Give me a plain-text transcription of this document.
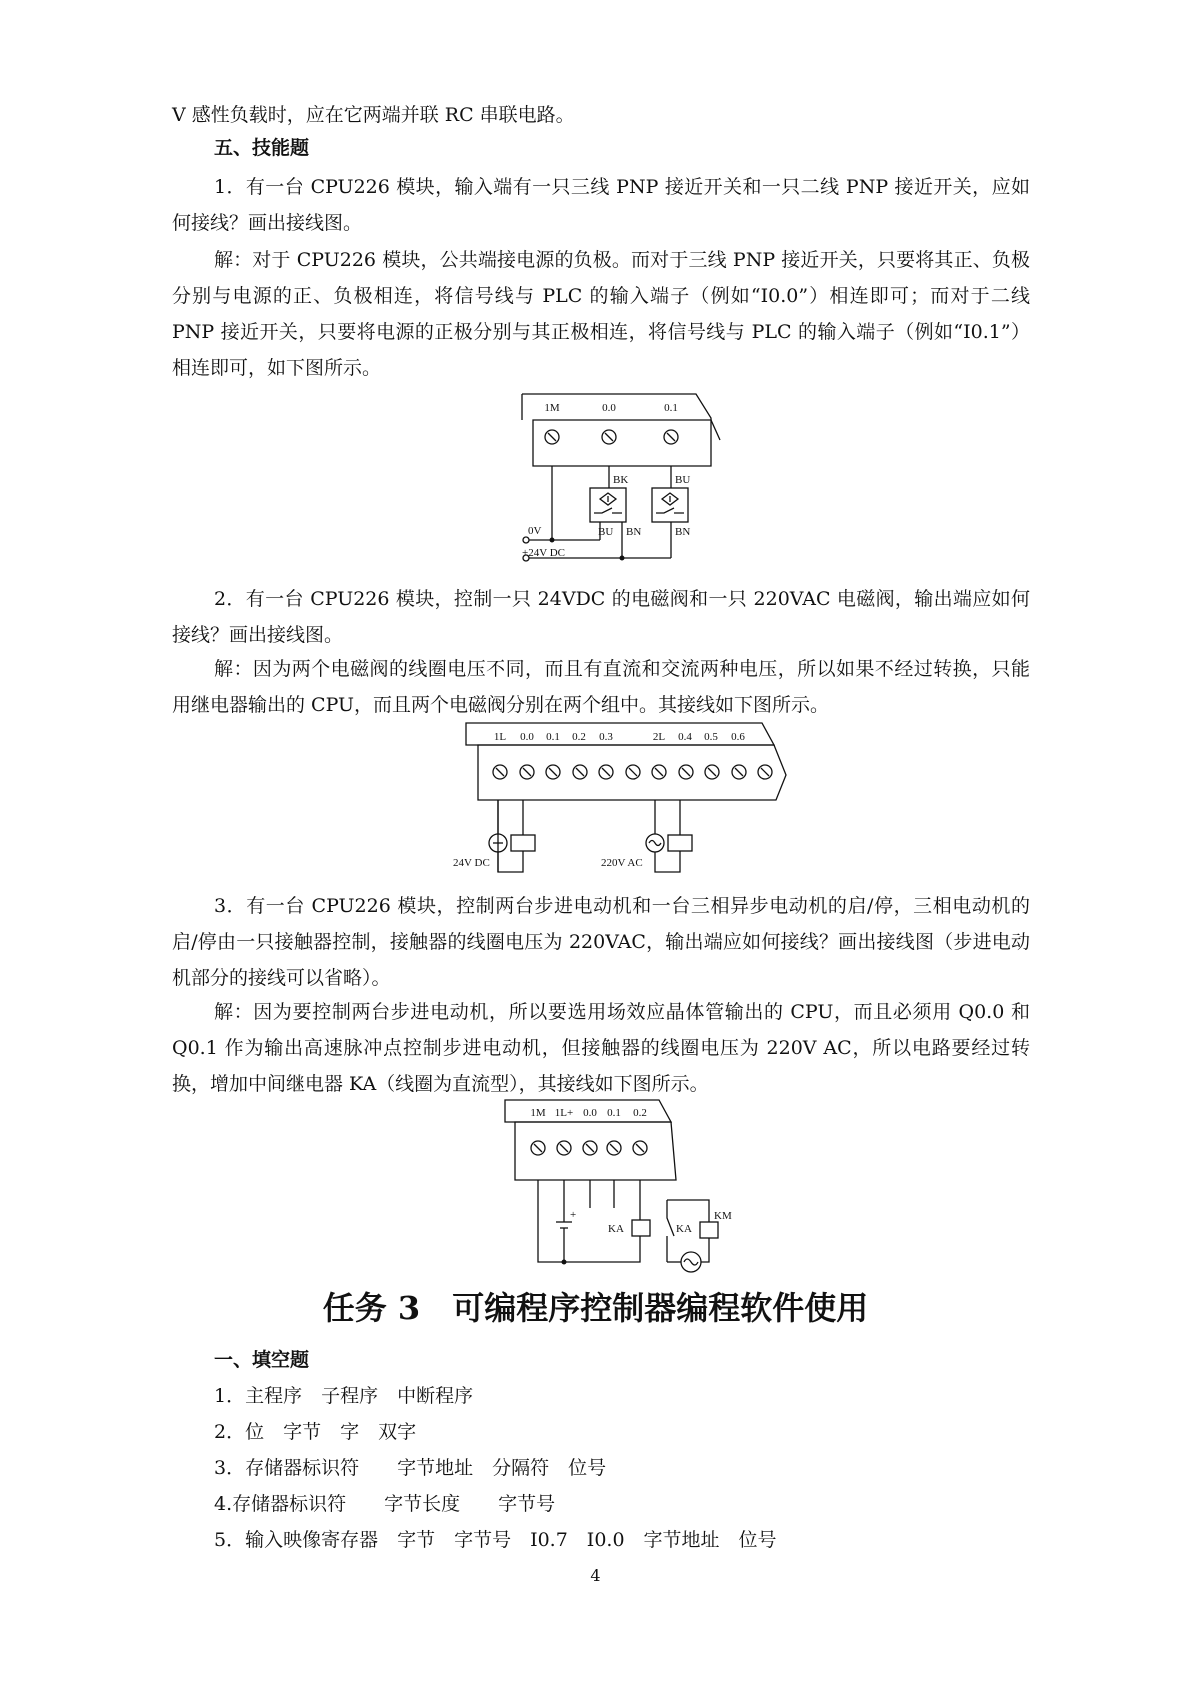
V 感性负载时，应在它两端并联 RC 串联电路。

五、技能题

1．有一台 CPU226 模块，输入端有一只三线 PNP 接近开关和一只二线 PNP 接近开关，应如何接线？画出接线图。

解：对于 CPU226 模块，公共端接电源的负极。而对于三线 PNP 接近开关，只要将其正、负极分别与电源的正、负极相连，将信号线与 PLC 的输入端子（例如“I0.0”）相连即可；而对于二线 PNP 接近开关，只要将电源的正极分别与其正极相连，将信号线与 PLC 的输入端子（例如“I0.1”）相连即可，如下图所示。

1M	0.0	0.1
BK	BU
BU BN	BN
0V
+24V DC
1L 0.0 0.1 0.2 0.3	2L 0.4 0.5 0.6
24V DC	220V AC
1M 1L+ 0.0 0.1 0.2
+
KA	KA
KM

2．有一台 CPU226 模块，控制一只 24VDC 的电磁阀和一只 220VAC 电磁阀，输出端应如何接线？画出接线图。

解：因为两个电磁阀的线圈电压不同，而且有直流和交流两种电压，所以如果不经过转换，只能用继电器输出的 CPU，而且两个电磁阀分别在两个组中。其接线如下图所示。

3．有一台 CPU226 模块，控制两台步进电动机和一台三相异步电动机的启/停，三相电动机的启/停由一只接触器控制，接触器的线圈电压为 220VAC，输出端应如何接线？画出接线图（步进电动机部分的接线可以省略）。

解：因为要控制两台步进电动机，所以要选用场效应晶体管输出的 CPU，而且必须用 Q0.0 和 Q0.1 作为输出高速脉冲点控制步进电动机，但接触器的线圈电压为 220V AC，所以电路要经过转换，增加中间继电器 KA（线圈为直流型），其接线如下图所示。

任务 3　可编程序控制器编程软件使用

一、填空题

1．主程序　子程序　中断程序

2．位　字节　字　双字

3．存储器标识符　　字节地址　分隔符　位号

4.存储器标识符　　字节长度　　字节号

5．输入映像寄存器　字节　字节号　I0.7　I0.0　字节地址　位号

4
